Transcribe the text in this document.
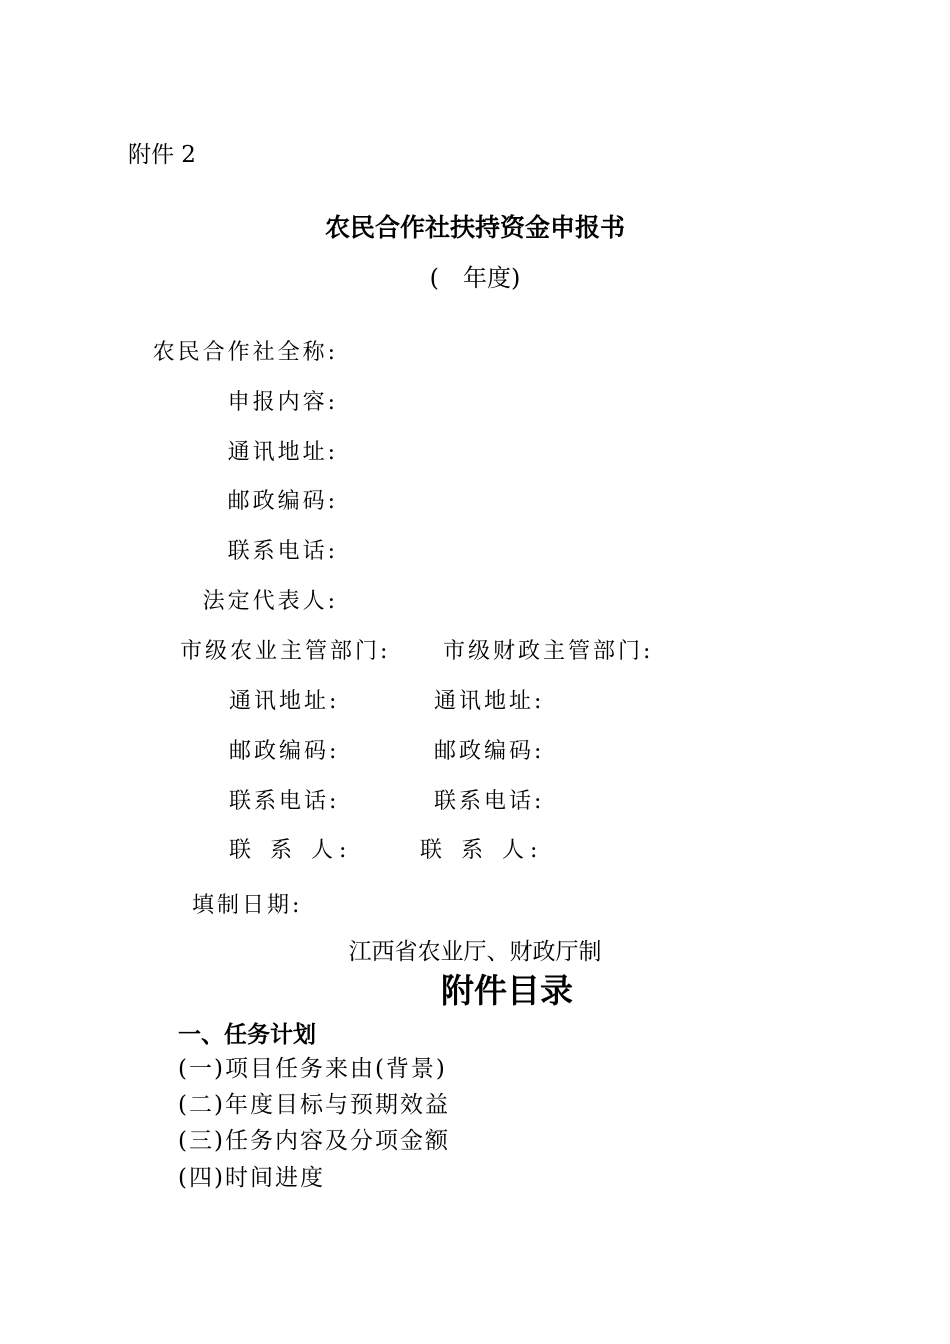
附件 2
农民合作社扶持资金申报书
(　年度)
农民合作社全称:
申报内容:
通讯地址:
邮政编码:
联系电话:
法定代表人:
市级农业主管部门: 市级财政主管部门:
通讯地址:
邮政编码:
联系电话:
联 系 人:
通讯地址:
邮政编码:
联系电话:
联 系 人:
填制日期:
江西省农业厅、财政厅制
附件目录
一、任务计划
(一)项目任务来由(背景)
(二)年度目标与预期效益
(三)任务内容及分项金额
(四)时间进度
